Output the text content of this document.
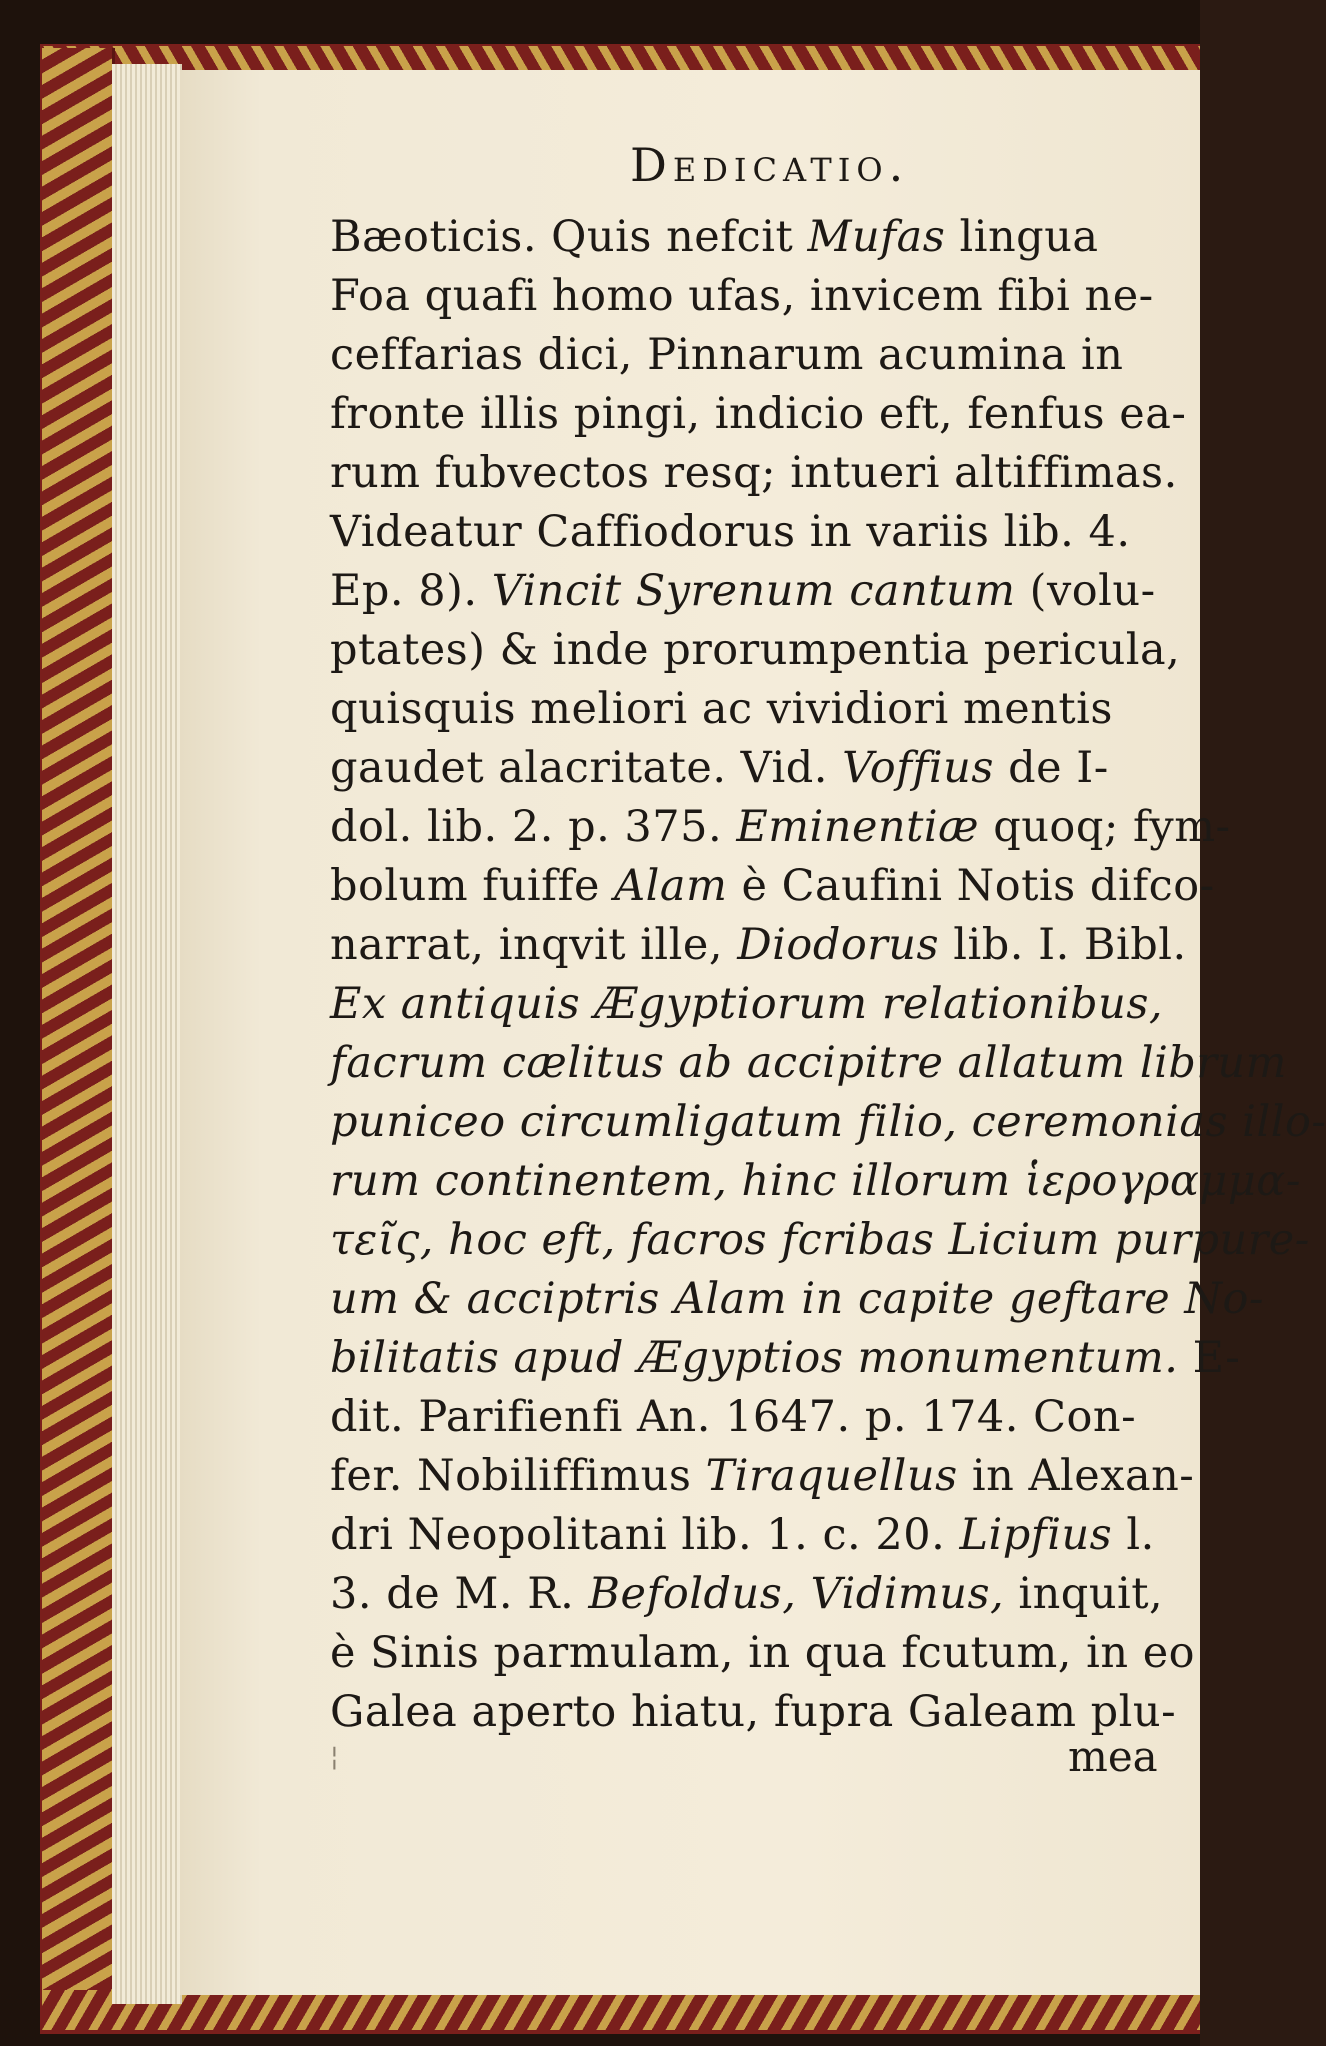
Dedicatio.
Bæoticis. Quis nefcit Mufas lingua
Foa quafi homo ufas, invicem fibi ne-
ceffarias dici, Pinnarum acumina in
fronte illis pingi, indicio eft, fenfus ea-
rum fubvectos resq; intueri altiffimas.
Videatur Caffiodorus in variis lib. 4.
Ep. 8). Vincit Syrenum cantum (volu-
ptates) & inde prorumpentia pericula,
quisquis meliori ac vividiori mentis
gaudet alacritate. Vid. Voffius de I-
dol. lib. 2. p. 375. Eminentiæ quoq; fym-
bolum fuiffe Alam è Caufini Notis difco-
narrat, inqvit ille, Diodorus lib. I. Bibl.
Ex antiquis Ægyptiorum relationibus,
facrum cælitus ab accipitre allatum librum
puniceo circumligatum filio, ceremonias illo-
rum continentem, hinc illorum ἱερογραμμα-
τεῖς, hoc eft, facros fcribas Licium purpure-
um & acciptris Alam in capite geftare No-
bilitatis apud Ægyptios monumentum. E-
dit. Parifienfi An. 1647. p. 174. Con-
fer. Nobiliffimus Tiraquellus in Alexan-
dri Neopolitani lib. 1. c. 20. Lipfius l.
3. de M. R. Befoldus, Vidimus, inquit,
è Sinis parmulam, in qua fcutum, in eo
Galea aperto hiatu, fupra Galeam plu-
¦	mea
